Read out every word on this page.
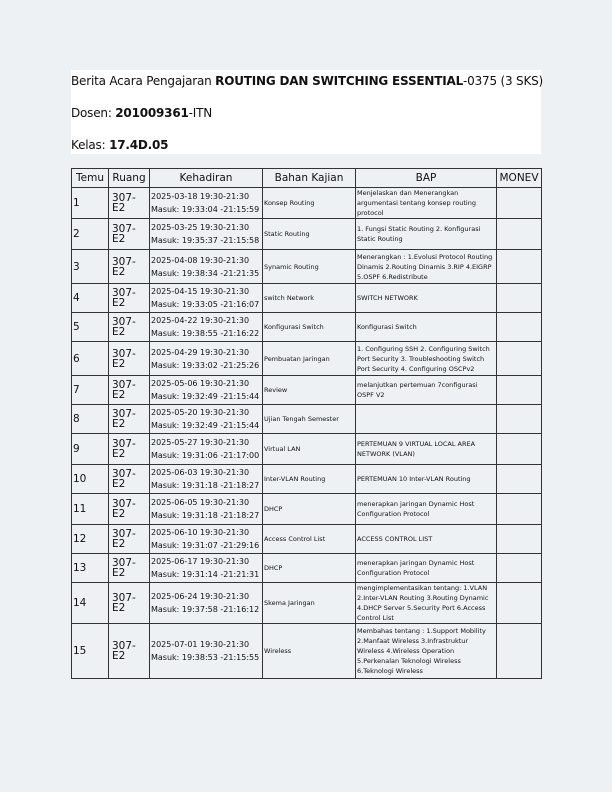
Berita Acara Pengajaran ROUTING DAN SWITCHING ESSENTIAL-0375 (3 SKS)
Dosen: 201009361-ITN
Kelas: 17.4D.05
Temu	Ruang	Kehadiran	Bahan Kajian	BAP	MONEV
1	307-E2	2025-03-18 19:30-21:30
Masuk: 19:33:04 -21:15:59	Konsep Routing	Menjelaskan dan Menerangkan argumentasi tentang konsep routing protocol	
2	307-E2	2025-03-25 19:30-21:30
Masuk: 19:35:37 -21:15:58	Static Routing	1. Fungsi Static Routing 2. Konfigurasi Static Routing	
3	307-E2	2025-04-08 19:30-21:30
Masuk: 19:38:34 -21:21:35	Synamic Routing	Menerangkan : 1.Evolusi Protocol Routing Dinamis 2.Routing Dinamis 3.RIP 4.EIGRP 5.OSPF 6.Redistribute	
4	307-E2	2025-04-15 19:30-21:30
Masuk: 19:33:05 -21:16:07	switch Network	SWITCH NETWORK	
5	307-E2	2025-04-22 19:30-21:30
Masuk: 19:38:55 -21:16:22	Konfigurasi Switch	Konfigurasi Switch	
6	307-E2	2025-04-29 19:30-21:30
Masuk: 19:33:02 -21:25:26	Pembuatan Jaringan	1. Configuring SSH 2. Configuring Switch Port Security 3. Troubleshooting Switch Port Security 4. Configuring OSCPv2	
7	307-E2	2025-05-06 19:30-21:30
Masuk: 19:32:49 -21:15:44	Review	melanjutkan pertemuan 7configurasi OSPF V2	
8	307-E2	2025-05-20 19:30-21:30
Masuk: 19:32:49 -21:15:44	Ujian Tengah Semester		
9	307-E2	2025-05-27 19:30-21:30
Masuk: 19:31:06 -21:17:00	Virtual LAN	PERTEMUAN 9 VIRTUAL LOCAL AREA NETWORK (VLAN)	
10	307-E2	2025-06-03 19:30-21:30
Masuk: 19:31:18 -21:18:27	Inter-VLAN Routing	PERTEMUAN 10 Inter-VLAN Routing	
11	307-E2	2025-06-05 19:30-21:30
Masuk: 19:31:18 -21:18:27	DHCP	menerapkan jaringan Dynamic Host Configuration Protocol	
12	307-E2	2025-06-10 19:30-21:30
Masuk: 19:31:07 -21:29:16	Access Control List	ACCESS CONTROL LIST	
13	307-E2	2025-06-17 19:30-21:30
Masuk: 19:31:14 -21:21:31	DHCP	menerapkan jaringan Dynamic Host Configuration Protocol	
14	307-E2	2025-06-24 19:30-21:30
Masuk: 19:37:58 -21:16:12	Skema Jaringan	mengimplementasikan tentang: 1.VLAN 2.Inter-VLAN Routing 3.Routing Dynamic 4.DHCP Server 5.Security Port 6.Access Control List	
15	307-E2	2025-07-01 19:30-21:30
Masuk: 19:38:53 -21:15:55	Wireless	Membahas tentang : 1.Support Mobility 2.Manfaat Wireless 3.Infrastruktur Wireless 4.Wireless Operation 5.Perkenalan Teknologi Wireless 6.Teknologi Wireless	
